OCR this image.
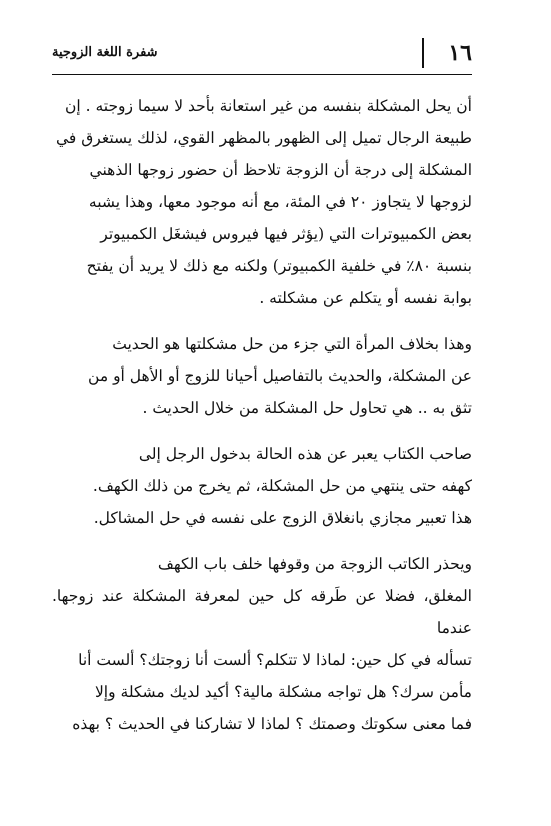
١٦
شفرة اللغة الزوجية

أن يحل المشكلة بنفسه من غير استعانة بأحد لا سيما زوجته . إن
طبيعة الرجال تميل إلى الظهور بالمظهر القوي، لذلك يستغرق في
المشكلة إلى درجة أن الزوجة تلاحظ أن حضور زوجها الذهني
لزوجها لا يتجاوز ٢٠ في المئة، مع أنه موجود معها، وهذا يشبه
بعض الكمبيوترات التي (يؤثر فيها فيروس فيشغَل الكمبيوتر
بنسبة ٨٠٪ في خلفية الكمبيوتر) ولكنه مع ذلك لا يريد أن يفتح
بوابة نفسه أو يتكلم عن مشكلته .

وهذا بخلاف المرأة التي جزء من حل مشكلتها هو الحديث
عن المشكلة، والحديث بالتفاصيل أحيانا للزوج أو الأهل أو من
تثق به .. هي تحاول حل المشكلة من خلال الحديث .

صاحب الكتاب يعبر عن هذه الحالة بدخول الرجل إلى
كهفه حتى ينتهي من حل المشكلة، ثم يخرج من ذلك الكهف.
هذا تعبير مجازي بانغلاق الزوج على نفسه في حل المشاكل.

ويحذر الكاتب الزوجة من وقوفها خلف باب الكهف
المغلق، فضلا عن طَرقه كل حين لمعرفة المشكلة عند زوجها. عندما
تسأله في كل حين: لماذا لا تتكلم؟ ألست أنا زوجتك؟ ألست أنا
مأمن سرك؟ هل تواجه مشكلة مالية؟ أكيد لديك مشكلة وإلا
فما معنى سكوتك وصمتك ؟ لماذا لا تشاركنا في الحديث ؟ بهذه
